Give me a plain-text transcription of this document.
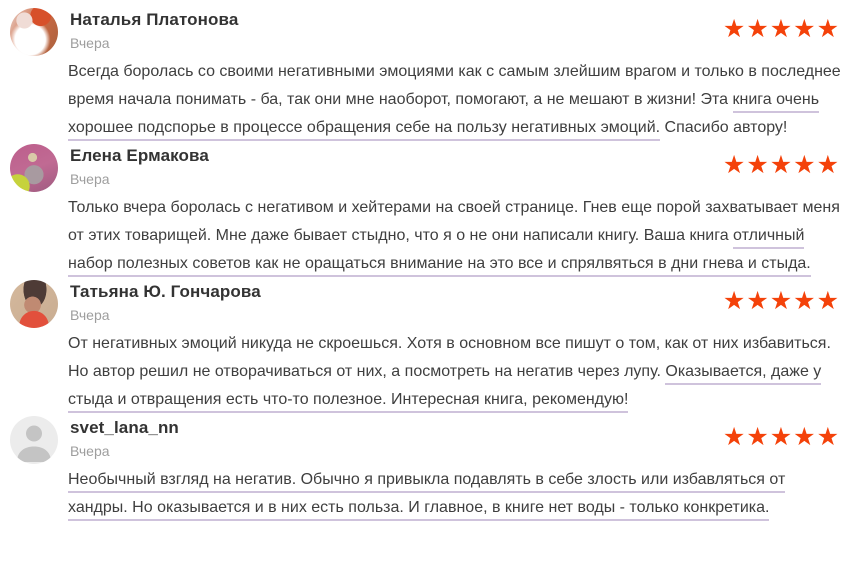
Наталья Платонова
Вчера	★★★★★
Всегда боролась со своими негативными эмоциями как с самым злейшим врагом и только в последнее время начала понимать - ба, так они мне наоборот, помогают, а не мешают в жизни! Эта книга очень хорошее подспорье в процессе обращения себе на пользу негативных эмоций. Спасибо автору!
Елена Ермакова
Вчера	★★★★★
Только вчера боролась с негативом и хейтерами на своей странице. Гнев еще порой захватывает меня от этих товарищей. Мне даже бывает стыдно, что я о не они написали книгу. Ваша книга отличный набор полезных советов как не оращаться внимание на это все и спрялвяться в дни гнева и стыда.
Татьяна Ю. Гончарова
Вчера	★★★★★
От негативных эмоций никуда не скроешься. Хотя в основном все пишут о том, как от них избавиться. Но автор решил не отворачиваться от них, а посмотреть на негатив через лупу. Оказывается, даже у стыда и отвращения есть что-то полезное. Интересная книга, рекомендую!
svet_lana_nn
Вчера	★★★★★
Необычный взгляд на негатив. Обычно я привыкла подавлять в себе злость или избавляться от хандры. Но оказывается и в них есть польза. И главное, в книге нет воды - только конкретика.
